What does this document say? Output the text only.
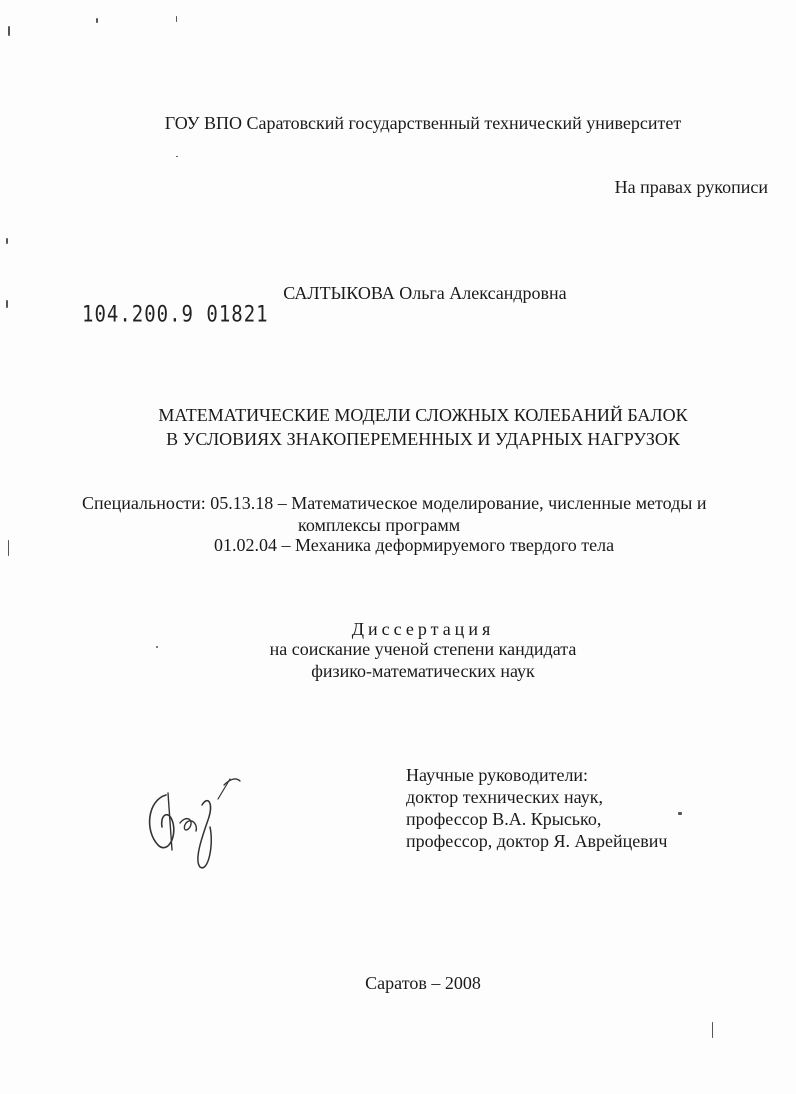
ГОУ ВПО Саратовский государственный технический университет
На правах рукописи
САЛТЫКОВА Ольга Александровна
104.200.9 01821
МАТЕМАТИЧЕСКИЕ МОДЕЛИ СЛОЖНЫХ КОЛЕБАНИЙ БАЛОК
В УСЛОВИЯХ ЗНАКОПЕРЕМЕННЫХ И УДАРНЫХ НАГРУЗОК
Специальности: 05.13.18 – Математическое моделирование, численные методы и
комплексы программ
01.02.04 – Механика деформируемого твердого тела
Диссертация
на соискание ученой степени кандидата
физико-математических наук
Научные руководители:
доктор технических наук,
профессор В.А. Крысько,
профессор, доктор Я. Аврейцевич
Саратов – 2008
